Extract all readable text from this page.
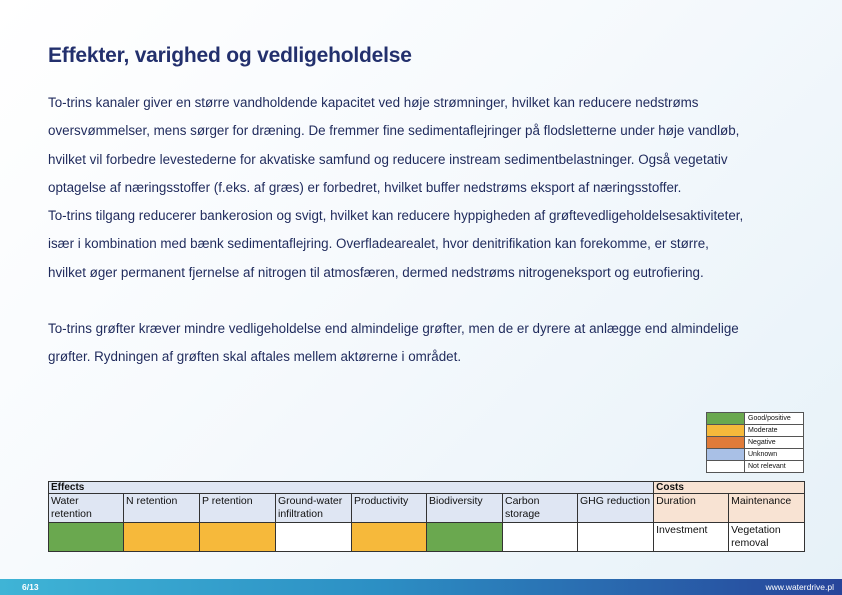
Effekter, varighed og vedligeholdelse

To-trins kanaler giver en større vandholdende kapacitet ved høje strømninger, hvilket kan reducere nedstrøms

oversvømmelser, mens sørger for dræning. De fremmer fine sedimentaflejringer på flodsletterne under høje vandløb,

hvilket vil forbedre levestederne for akvatiske samfund og reducere instream sedimentbelastninger. Også vegetativ

optagelse af næringsstoffer (f.eks. af græs) er forbedret, hvilket buffer nedstrøms eksport af næringsstoffer.

To-trins tilgang reducerer bankerosion og svigt, hvilket kan reducere hyppigheden af grøftevedligeholdelsesaktiviteter,

især i kombination med bænk sedimentaflejring. Overfladearealet, hvor denitrifikation kan forekomme, er større,

hvilket øger permanent fjernelse af nitrogen til atmosfæren, dermed nedstrøms nitrogeneksport og eutrofiering.

To-trins grøfter kræver mindre vedligeholdelse end almindelige grøfter, men de er dyrere at anlægge end almindelige

grøfter. Rydningen af grøften skal aftales mellem aktørerne i området.

	Good/positive
	Moderate
	Negative
	Unknown
	Not relevant
Effects								Costs	
Water retention	N retention	P retention	Ground-water infiltration	Productivity	Biodiversity	Carbon storage	GHG reduction	Duration	Maintenance
								Investment	Vegetation removal
6/13	www.waterdrive.pl
